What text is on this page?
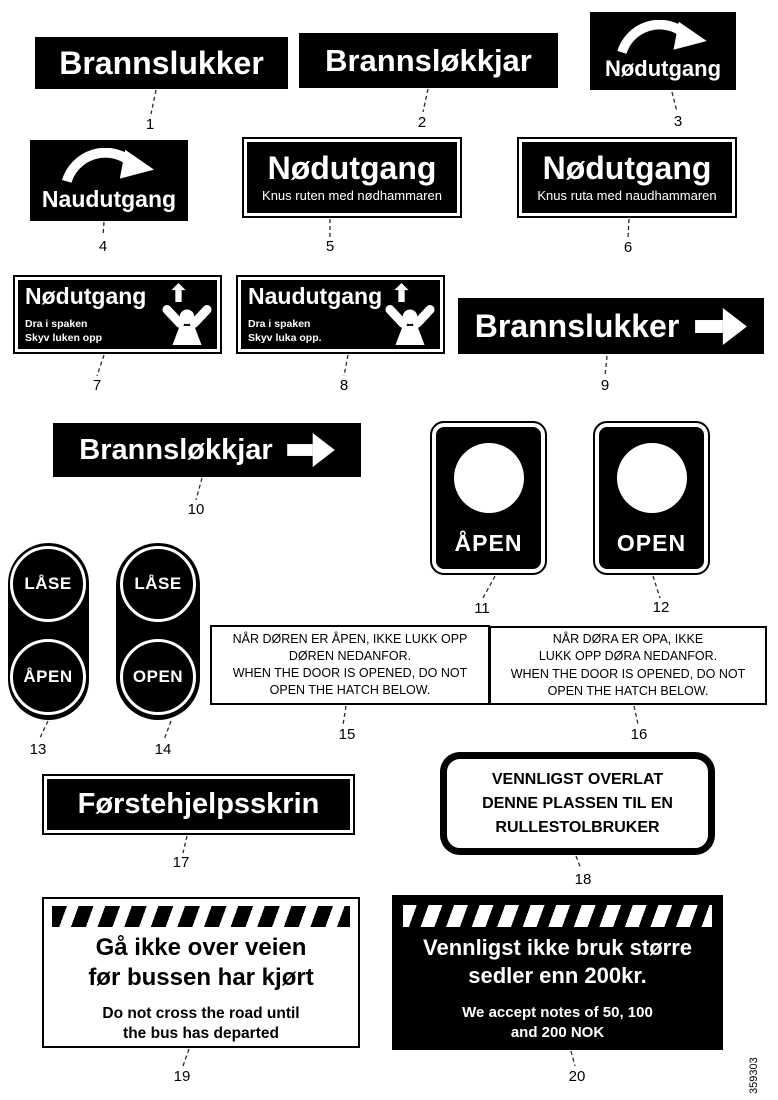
Brannslukker Brannsløkkjar	Nødutgang
Naudutgang
Nødutgang
Knus ruten med nødhammaren
Nødutgang
Knus ruta med naudhammaren
Nødutgang
Dra i spaken
Skyv luken opp
Naudutgang
Dra i spaken
Skyv luka opp.	Brannslukker
Brannsløkkjar
ÅPEN	OPEN
LÅSE
ÅPEN
LÅSE
OPEN
NÅR DØREN ER ÅPEN, IKKE LUKK OPP
DØREN NEDANFOR.
WHEN THE DOOR IS OPENED, DO NOT
OPEN THE HATCH BELOW.
NÅR DØRA ER OPA, IKKE
LUKK OPP DØRA NEDANFOR.
WHEN THE DOOR IS OPENED, DO NOT
OPEN THE HATCH BELOW.
Førstehjelpsskrin
VENNLIGST OVERLAT
DENNE PLASSEN TIL EN
RULLESTOLBRUKER
Gå ikke over veien
før bussen har kjørt
Do not cross the road until
the bus has departed
Vennligst ikke bruk større
sedler enn 200kr.
We accept notes of 50, 100
and 200 NOK
1	2	3
4	5	6
7	8	9
10
11	12
13	14
15	16
17
18
19	20	359303
